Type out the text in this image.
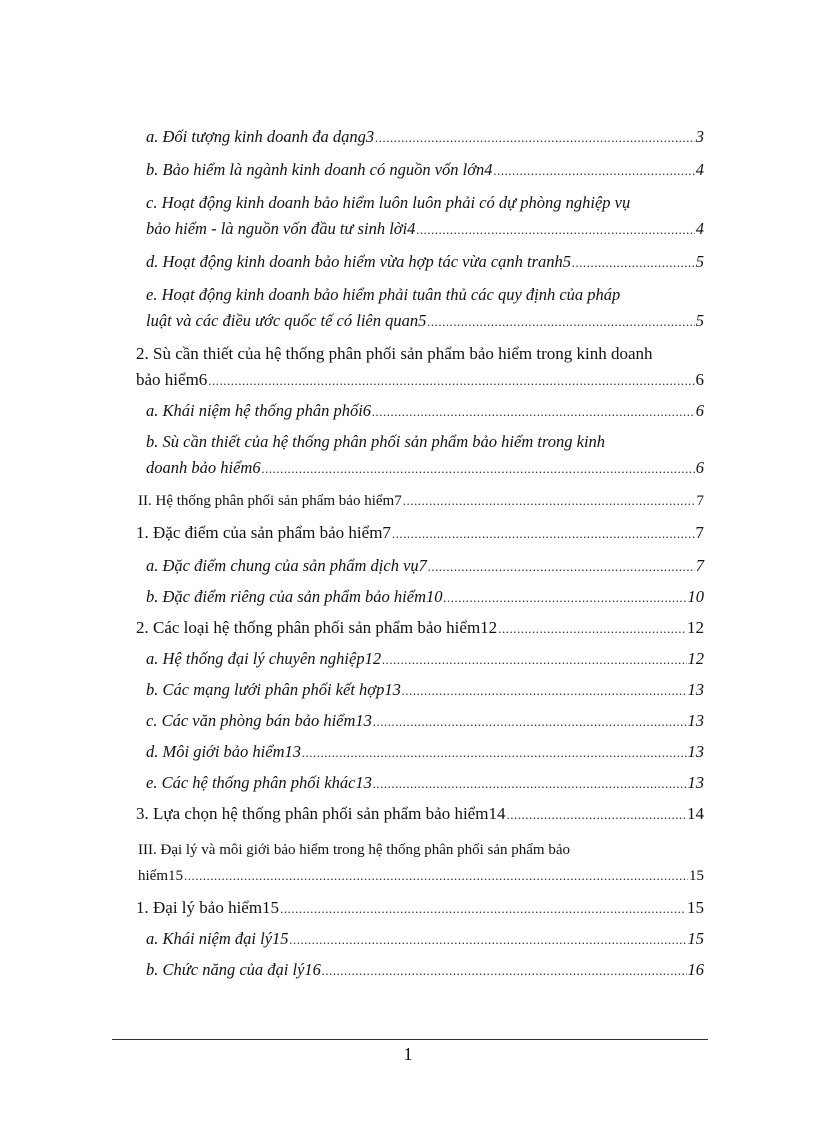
a. Đối tượng kinh doanh đa dạng3 .....	3
b. Bảo hiểm là ngành kinh doanh có nguồn vốn lớn4 .....	4
c. Hoạt động kinh doanh bảo hiểm luôn luôn phải có dự phòng nghiệp vụ
bảo hiểm - là nguồn vốn đầu tư sinh lời4 .....	4
d. Hoạt động kinh doanh bảo hiểm vừa hợp tác vừa cạnh tranh5 .....	5
e. Hoạt động kinh doanh bảo hiểm phải tuân thủ các quy định của pháp
luật và các điều ước quốc tế có liên quan5 .....	5
2. Sù cần thiết của hệ thống phân phối sản phẩm bảo hiểm trong kinh doanh
bảo hiểm6 .....	6
a. Khái niệm hệ thống phân phối6 .....	6
b. Sù cần thiết của hệ thống phân phối sản phẩm bảo hiểm trong kinh
doanh bảo hiểm6 .....	6
II. Hệ thống phân phối sản phẩm bảo hiểm7 .....	7
1. Đặc điểm của sản phẩm bảo hiểm7 .....	7
a. Đặc điểm chung của sản phẩm dịch vụ7 .....	7
b. Đặc điểm riêng của sản phẩm bảo hiểm10 .....	10
2. Các loại hệ thống phân phối sản phẩm bảo hiểm12 .....	12
a. Hệ thống đại lý chuyên nghiệp12 .....	12
b. Các mạng lưới phân phối kết hợp13 .....	13
c. Các văn phòng bán bảo hiểm13 .....	13
d. Môi giới bảo hiểm13 .....	13
e. Các hệ thống phân phối khác13 .....	13
3. Lựa chọn hệ thống phân phối sản phẩm bảo hiểm14 .....	14
III. Đại lý và môi giới bảo hiểm trong hệ thống phân phối sản phẩm bảo
hiểm15 .....	15
1. Đại lý bảo hiểm15 .....	15
a. Khái niệm đại lý15 .....	15
b. Chức năng của đại lý16 .....	16
1
